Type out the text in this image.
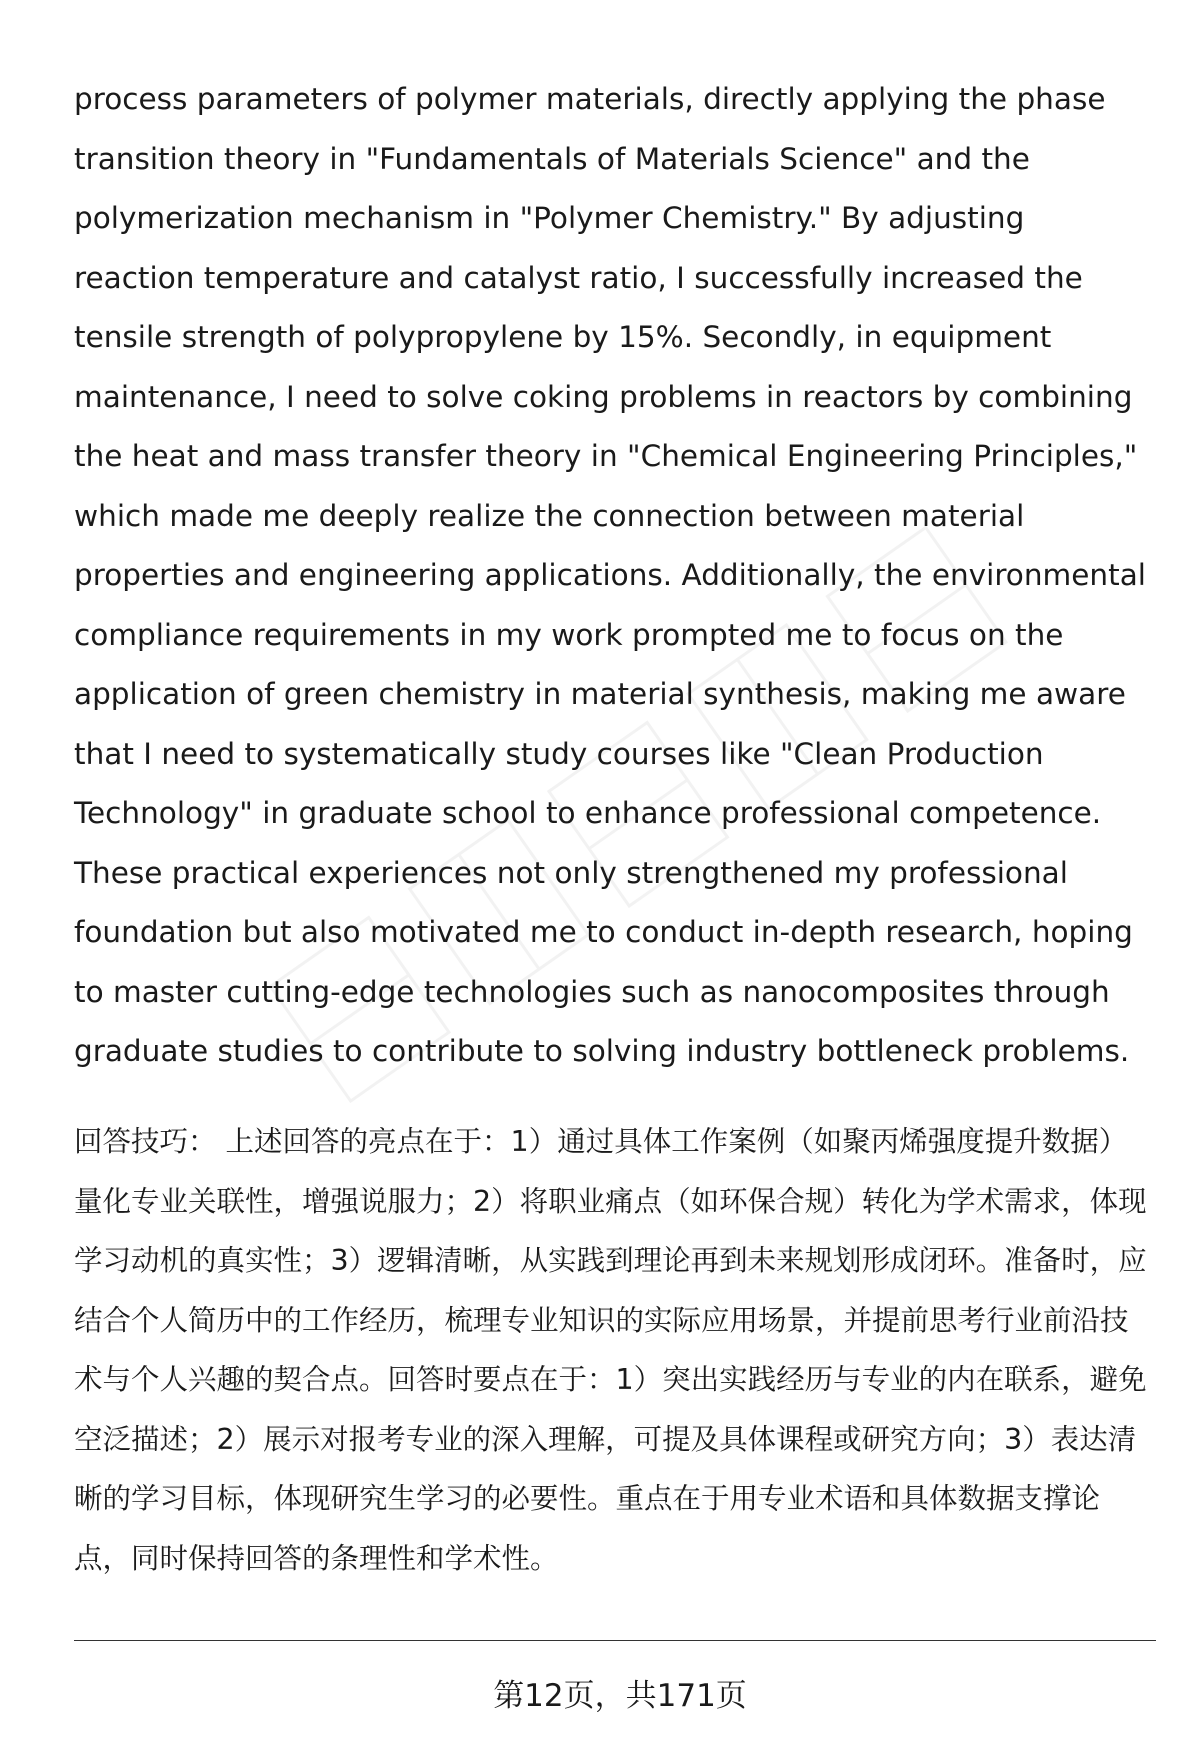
process parameters of polymer materials, directly applying the phase transition theory in "Fundamentals of Materials Science" and the polymerization mechanism in "Polymer Chemistry." By adjusting reaction temperature and catalyst ratio, I successfully increased the tensile strength of polypropylene by 15%. Secondly, in equipment maintenance, I need to solve coking problems in reactors by combining the heat and mass transfer theory in "Chemical Engineering Principles," which made me deeply realize the connection between material properties and engineering applications. Additionally, the environmental compliance requirements in my work prompted me to focus on the application of green chemistry in material synthesis, making me aware that I need to systematically study courses like "Clean Production Technology" in graduate school to enhance professional competence. These practical experiences not only strengthened my professional foundation but also motivated me to conduct in-depth research, hoping to master cutting-edge technologies such as nanocomposites through graduate studies to contribute to solving industry bottleneck problems.

回答技巧： 上述回答的亮点在于：1）通过具体工作案例（如聚丙烯强度提升数据）量化专业关联性，增强说服力；2）将职业痛点（如环保合规）转化为学术需求，体现学习动机的真实性；3）逻辑清晰，从实践到理论再到未来规划形成闭环。准备时，应结合个人简历中的工作经历，梳理专业知识的实际应用场景，并提前思考行业前沿技术与个人兴趣的契合点。回答时要点在于：1）突出实践经历与专业的内在联系，避免空泛描述；2）展示对报考专业的深入理解，可提及具体课程或研究方向；3）表达清晰的学习目标，体现研究生学习的必要性。重点在于用专业术语和具体数据支撑论点，同时保持回答的条理性和学术性。

第12页，共171页
